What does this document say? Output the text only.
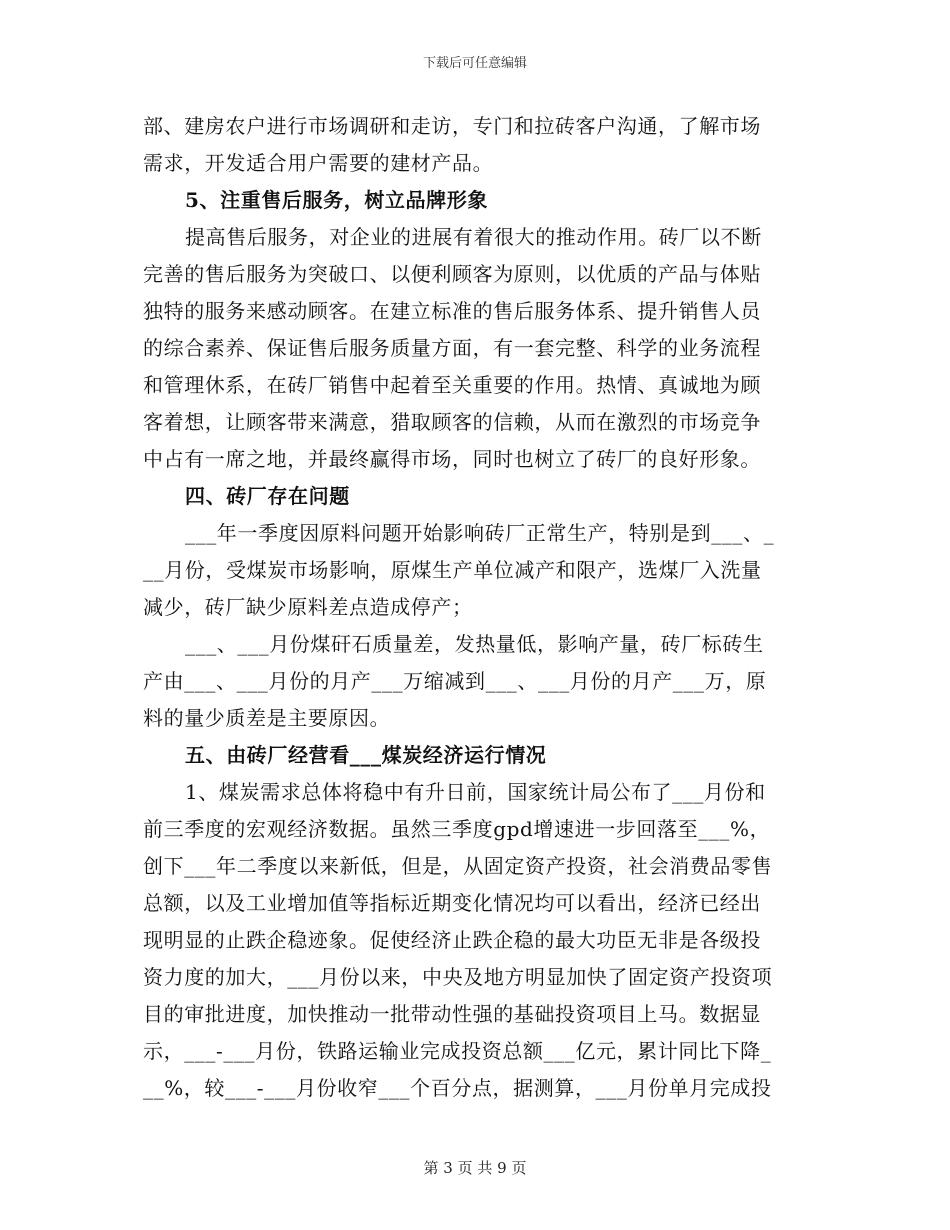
下载后可任意编辑
部、建房农户进行市场调研和走访，专门和拉砖客户沟通，了解市场
需求，开发适合用户需要的建材产品。
5、注重售后服务，树立品牌形象
提高售后服务，对企业的进展有着很大的推动作用。砖厂以不断
完善的售后服务为突破口、以便利顾客为原则，以优质的产品与体贴
独特的服务来感动顾客。在建立标准的售后服务体系、提升销售人员
的综合素养、保证售后服务质量方面，有一套完整、科学的业务流程
和管理休系，在砖厂销售中起着至关重要的作用。热情、真诚地为顾
客着想，让顾客带来满意，猎取顾客的信赖，从而在激烈的市场竞争
中占有一席之地，并最终赢得市场，同时也树立了砖厂的良好形象。
四、砖厂存在问题
___年一季度因原料问题开始影响砖厂正常生产，特别是到___、_
__月份，受煤炭市场影响，原煤生产单位减产和限产，选煤厂入洗量
减少，砖厂缺少原料差点造成停产；
___、___月份煤矸石质量差，发热量低，影响产量，砖厂标砖生
产由___、___月份的月产___万缩减到___、___月份的月产___万，原
料的量少质差是主要原因。
五、由砖厂经营看___煤炭经济运行情况
1、煤炭需求总体将稳中有升日前，国家统计局公布了___月份和
前三季度的宏观经济数据。虽然三季度gpd增速进一步回落至___%，
创下___年二季度以来新低，但是，从固定资产投资，社会消费品零售
总额，以及工业增加值等指标近期变化情况均可以看出，经济已经出
现明显的止跌企稳迹象。促使经济止跌企稳的最大功臣无非是各级投
资力度的加大，___月份以来，中央及地方明显加快了固定资产投资项
目的审批进度，加快推动一批带动性强的基础投资项目上马。数据显
示，___-___月份，铁路运输业完成投资总额___亿元，累计同比下降_
__%，较___-___月份收窄___个百分点，据测算，___月份单月完成投
第 3 页 共 9 页
